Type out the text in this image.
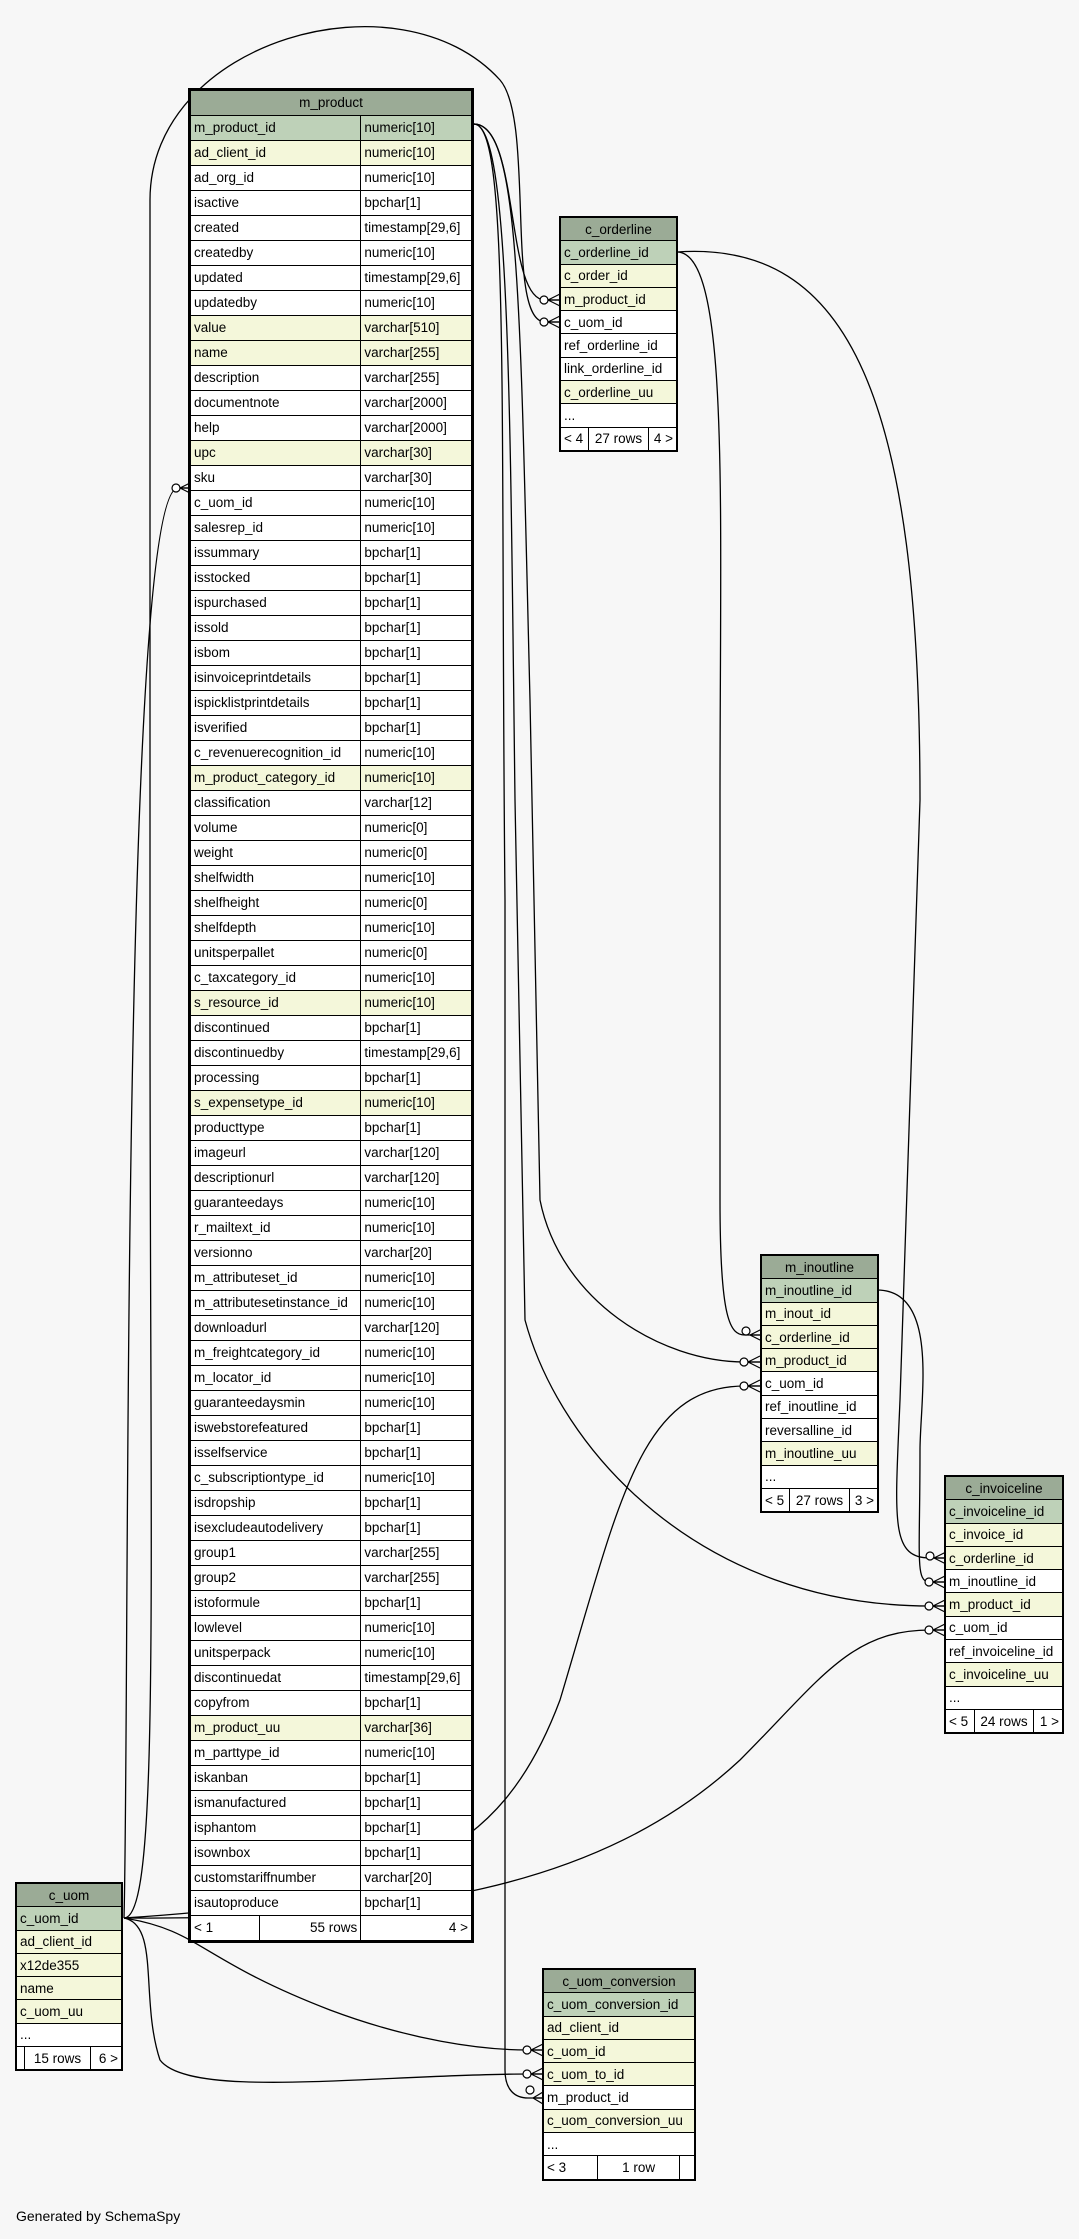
m_product		
m_product_id		numeric[10]
ad_client_id		numeric[10]
ad_org_id		numeric[10]
isactive		bpchar[1]
created		timestamp[29,6]
createdby		numeric[10]
updated		timestamp[29,6]
updatedby		numeric[10]
value		varchar[510]
name		varchar[255]
description		varchar[255]
documentnote		varchar[2000]
help		varchar[2000]
upc		varchar[30]
sku		varchar[30]
c_uom_id		numeric[10]
salesrep_id		numeric[10]
issummary		bpchar[1]
isstocked		bpchar[1]
ispurchased		bpchar[1]
issold		bpchar[1]
isbom		bpchar[1]
isinvoiceprintdetails		bpchar[1]
ispicklistprintdetails		bpchar[1]
isverified		bpchar[1]
c_revenuerecognition_id		numeric[10]
m_product_category_id		numeric[10]
classification		varchar[12]
volume		numeric[0]
weight		numeric[0]
shelfwidth		numeric[10]
shelfheight		numeric[0]
shelfdepth		numeric[10]
unitsperpallet		numeric[0]
c_taxcategory_id		numeric[10]
s_resource_id		numeric[10]
discontinued		bpchar[1]
discontinuedby		timestamp[29,6]
processing		bpchar[1]
s_expensetype_id		numeric[10]
producttype		bpchar[1]
imageurl		varchar[120]
descriptionurl		varchar[120]
guaranteedays		numeric[10]
r_mailtext_id		numeric[10]
versionno		varchar[20]
m_attributeset_id		numeric[10]
m_attributesetinstance_id		numeric[10]
downloadurl		varchar[120]
m_freightcategory_id		numeric[10]
m_locator_id		numeric[10]
guaranteedaysmin		numeric[10]
iswebstorefeatured		bpchar[1]
isselfservice		bpchar[1]
c_subscriptiontype_id		numeric[10]
isdropship		bpchar[1]
isexcludeautodelivery		bpchar[1]
group1		varchar[255]
group2		varchar[255]
istoformule		bpchar[1]
lowlevel		numeric[10]
unitsperpack		numeric[10]
discontinuedat		timestamp[29,6]
copyfrom		bpchar[1]
m_product_uu		varchar[36]
m_parttype_id		numeric[10]
iskanban		bpchar[1]
ismanufactured		bpchar[1]
isphantom		bpchar[1]
isownbox		bpchar[1]
customstariffnumber		varchar[20]
isautoproduce		bpchar[1]
< 1	55 rows	4 >
c_orderline
c_orderline_id
c_order_id
m_product_id
c_uom_id
ref_orderline_id
link_orderline_id
c_orderline_uu
...
< 4	27 rows	4 >
m_inoutline
m_inoutline_id
m_inout_id
c_orderline_id
m_product_id
c_uom_id
ref_inoutline_id
reversalline_id
m_inoutline_uu
...
< 5	27 rows	3 >
c_invoiceline
c_invoiceline_id
c_invoice_id
c_orderline_id
m_inoutline_id
m_product_id
c_uom_id
ref_invoiceline_id
c_invoiceline_uu
...
< 5	24 rows	1 >
c_uom
c_uom_id
ad_client_id
x12de355
name
c_uom_uu
...
	15 rows	6 >
c_uom_conversion
c_uom_conversion_id
ad_client_id
c_uom_id
c_uom_to_id
m_product_id
c_uom_conversion_uu
...
< 3	1 row	
Generated by SchemaSpy
